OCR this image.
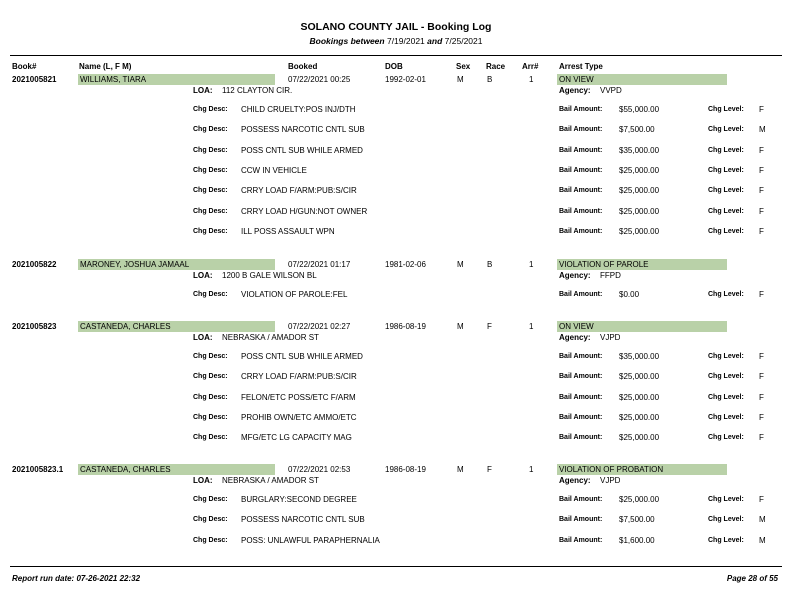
SOLANO COUNTY JAIL - Booking Log
Bookings between 7/19/2021 and 7/25/2021
Book#	Name (L, F M)	Booked	DOB	Sex Race Arr#	Arrest Type
2021005821	WILLIAMS, TIARA	07/22/2021 00:25	1992-02-01	M	B	1	ON VIEW
LOA: 112 CLAYTON CIR.	Agency: VVPD
Chg Desc: CHILD CRUELTY:POS INJ/DTH	Bail Amount: $55,000.00	Chg Level: F
Chg Desc: POSSESS NARCOTIC CNTL SUB	Bail Amount: $7,500.00	Chg Level: M
Chg Desc: POSS CNTL SUB WHILE ARMED	Bail Amount: $35,000.00	Chg Level: F
Chg Desc: CCW IN VEHICLE	Bail Amount: $25,000.00	Chg Level: F
Chg Desc: CRRY LOAD F/ARM:PUB:S/CIR	Bail Amount: $25,000.00	Chg Level: F
Chg Desc: CRRY LOAD H/GUN:NOT OWNER	Bail Amount: $25,000.00	Chg Level: F
Chg Desc: ILL POSS ASSAULT WPN	Bail Amount: $25,000.00	Chg Level: F
2021005822	MARONEY, JOSHUA JAMAAL	07/22/2021 01:17	1981-02-06	M	B	1	VIOLATION OF PAROLE
LOA: 1200 B GALE WILSON BL	Agency: FFPD
Chg Desc: VIOLATION OF PAROLE:FEL	Bail Amount: $0.00	Chg Level: F
2021005823	CASTANEDA, CHARLES	07/22/2021 02:27	1986-08-19	M	F	1	ON VIEW
LOA: NEBRASKA / AMADOR ST	Agency: VJPD
Chg Desc: POSS CNTL SUB WHILE ARMED	Bail Amount: $35,000.00	Chg Level: F
Chg Desc: CRRY LOAD F/ARM:PUB:S/CIR	Bail Amount: $25,000.00	Chg Level: F
Chg Desc: FELON/ETC POSS/ETC F/ARM	Bail Amount: $25,000.00	Chg Level: F
Chg Desc: PROHIB OWN/ETC AMMO/ETC	Bail Amount: $25,000.00	Chg Level: F
Chg Desc: MFG/ETC LG CAPACITY MAG	Bail Amount: $25,000.00	Chg Level: F
2021005823.1 CASTANEDA, CHARLES	07/22/2021 02:53	1986-08-19	M	F	1	VIOLATION OF PROBATION
LOA: NEBRASKA / AMADOR ST	Agency: VJPD
Chg Desc: BURGLARY:SECOND DEGREE	Bail Amount: $25,000.00	Chg Level: F
Chg Desc: POSSESS NARCOTIC CNTL SUB	Bail Amount: $7,500.00	Chg Level: M
Chg Desc: POSS: UNLAWFUL PARAPHERNALIA	Bail Amount: $1,600.00	Chg Level: M
Report run date: 07-26-2021 22:32	Page 28 of 55
